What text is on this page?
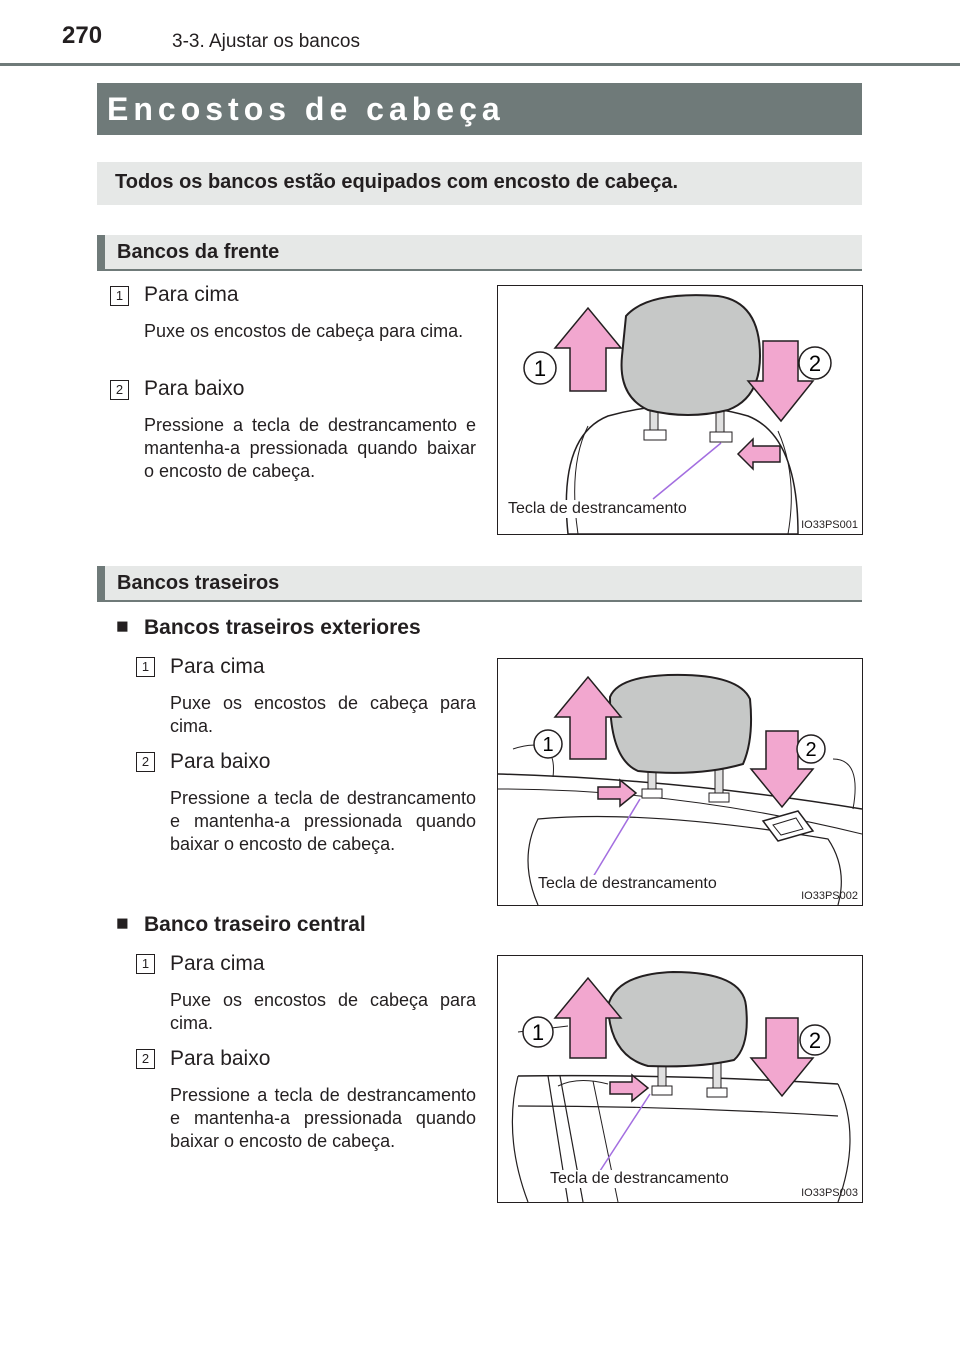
270	3-3. Ajustar os bancos
Encostos de cabeça
Todos os bancos estão equipados com encosto de cabeça.
Bancos da frente
1 Para cima
Puxe os encostos de cabeça para cima.
2 Para baixo
Pressione a tecla de destrancamento e mantenha-a pressionada quando baixar o encosto de cabeça.
1	2
Tecla de destrancamento
IO33PS001
Bancos traseiros
■ Bancos traseiros exteriores
1 Para cima
Puxe os encostos de cabeça para cima.
2 Para baixo
Pressione a tecla de destrancamento e mantenha-a pressionada quando baixar o encosto de cabeça.
1	2
Tecla de destrancamento
IO33PS002
■ Banco traseiro central
1 Para cima
Puxe os encostos de cabeça para cima.
2 Para baixo
Pressione a tecla de destrancamento e mantenha-a pressionada quando baixar o encosto de cabeça.
1	2
Tecla de destrancamento
IO33PS003
